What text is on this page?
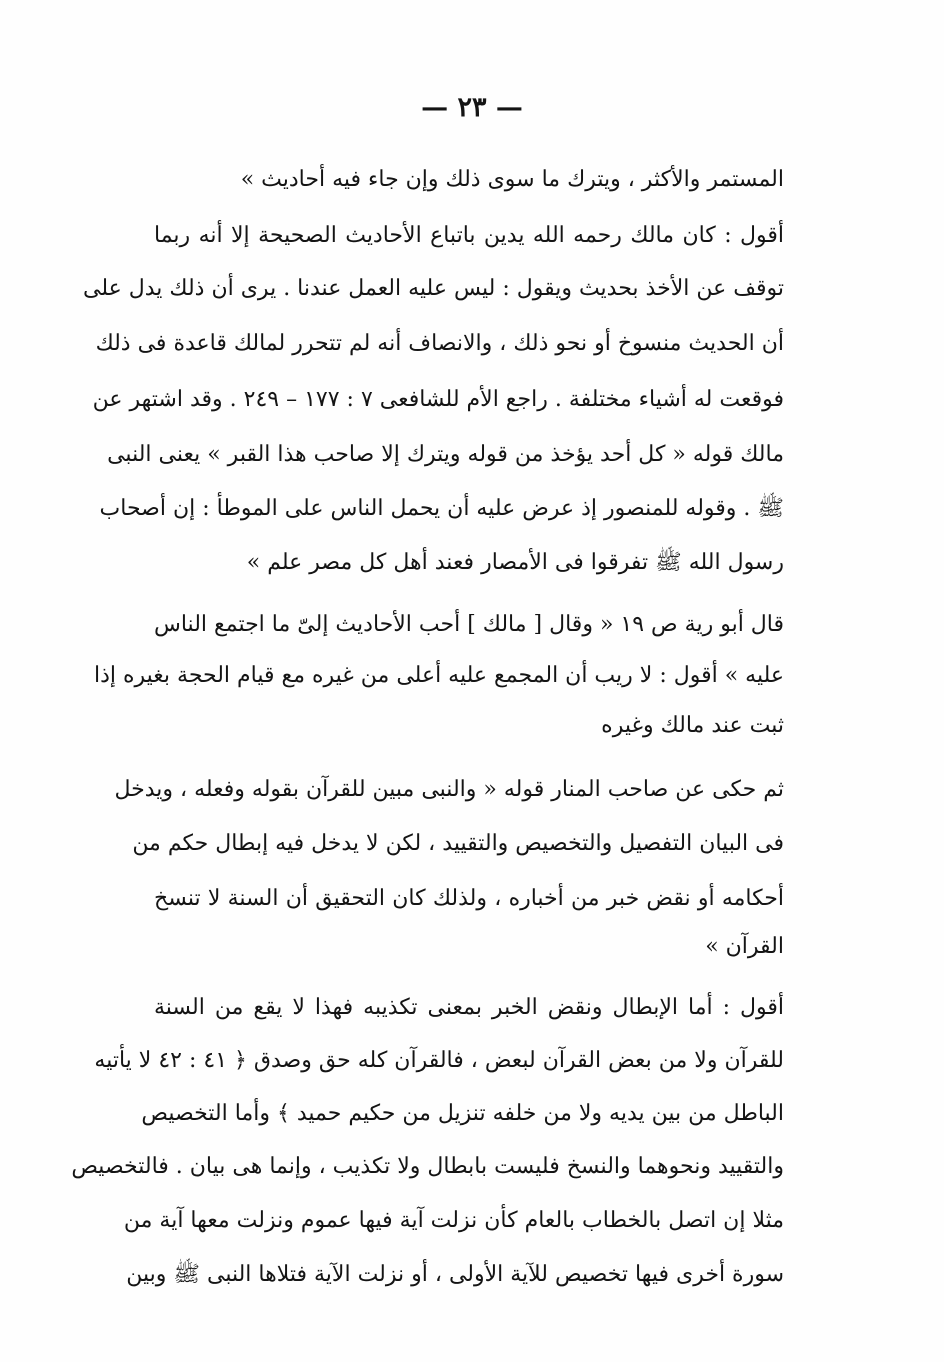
— ٢٣ —
المستمر والأكثر ، ويترك ما سوى ذلك وإن جاء فيه أحاديث »
أقول : كان مالك رحمه الله يدين باتباع الأحاديث الصحيحة إلا أنه ربما
توقف عن الأخذ بحديث ويقول : ليس عليه العمل عندنا . يرى أن ذلك يدل على
أن الحديث منسوخ أو نحو ذلك ، والانصاف أنه لم تتحرر لمالك قاعدة فى ذلك
فوقعت له أشياء مختلفة . راجع الأم للشافعى ٧ : ١٧٧ – ٢٤٩ . وقد اشتهر عن
مالك قوله « كل أحد يؤخذ من قوله ويترك إلا صاحب هذا القبر » يعنى النبى
ﷺ . وقوله للمنصور إذ عرض عليه أن يحمل الناس على الموطأ : إن أصحاب
رسول الله ﷺ تفرقوا فى الأمصار فعند أهل كل مصر علم »
قال أبو رية ص ١٩ « وقال [ مالك ] أحب الأحاديث إلىّ ما اجتمع الناس
عليه » أقول : لا ريب أن المجمع عليه أعلى من غيره مع قيام الحجة بغيره إذا
ثبت عند مالك وغيره
ثم حكى عن صاحب المنار قوله « والنبى مبين للقرآن بقوله وفعله ، ويدخل
فى البيان التفصيل والتخصيص والتقييد ، لكن لا يدخل فيه إبطال حكم من
أحكامه أو نقض خبر من أخباره ، ولذلك كان التحقيق أن السنة لا تنسخ
القرآن »
أقول : أما الإبطال ونقض الخبر بمعنى تكذيبه فهذا لا يقع من السنة
للقرآن ولا من بعض القرآن لبعض ، فالقرآن كله حق وصدق ﴿ ٤١ : ٤٢ لا يأتيه
الباطل من بين يديه ولا من خلفه تنزيل من حكيم حميد ﴾ وأما التخصيص
والتقييد ونحوهما والنسخ فليست بابطال ولا تكذيب ، وإنما هى بيان . فالتخصيص
مثلا إن اتصل بالخطاب بالعام كأن نزلت آية فيها عموم ونزلت معها آية من
سورة أخرى فيها تخصيص للآية الأولى ، أو نزلت الآية فتلاها النبى ﷺ وبين
